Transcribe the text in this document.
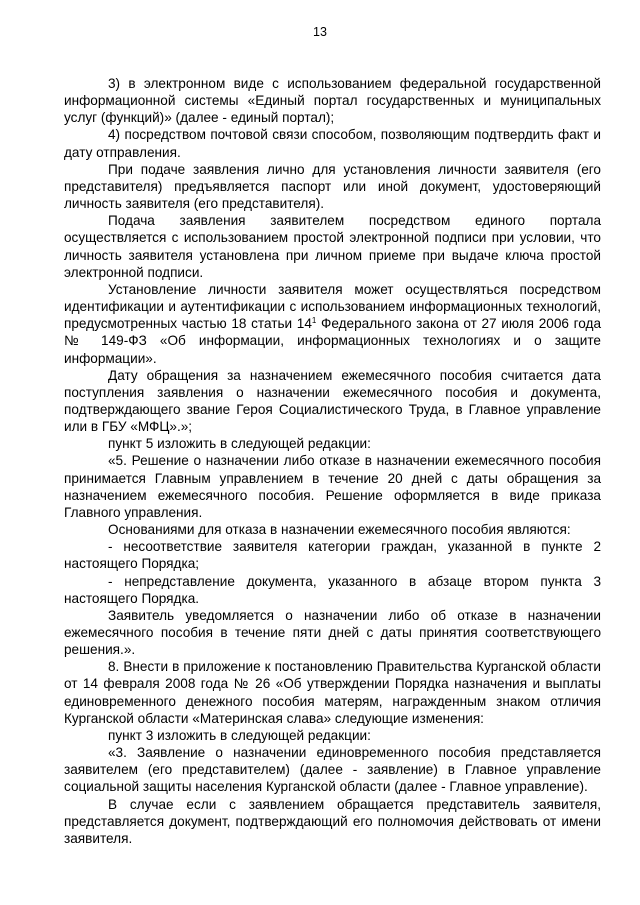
13

3) в электронном виде с использованием федеральной государственной информационной системы «Единый портал государственных и муниципальных услуг (функций)» (далее - единый портал);

4) посредством почтовой связи способом, позволяющим подтвердить факт и дату отправления.

При подаче заявления лично для установления личности заявителя (его представителя) предъявляется паспорт или иной документ, удостоверяющий личность заявителя (его представителя).

Подача заявления заявителем посредством единого портала осуществляется с использованием простой электронной подписи при условии, что личность заявителя установлена при личном приеме при выдаче ключа простой электронной подписи.

Установление личности заявителя может осуществляться посредством идентификации и аутентификации с использованием информационных технологий, предусмотренных частью 18 статьи $14^1$ Федерального закона от 27 июля 2006 года № 149-ФЗ «Об информации, информационных технологиях и о защите информации».

Дату обращения за назначением ежемесячного пособия считается дата поступления заявления о назначении ежемесячного пособия и документа, подтверждающего звание Героя Социалистического Труда, в Главное управление или в ГБУ «МФЦ».»;

пункт 5 изложить в следующей редакции:

«5. Решение о назначении либо отказе в назначении ежемесячного пособия принимается Главным управлением в течение 20 дней с даты обращения за назначением ежемесячного пособия. Решение оформляется в виде приказа Главного управления.

Основаниями для отказа в назначении ежемесячного пособия являются:

- несоответствие заявителя категории граждан, указанной в пункте 2 настоящего Порядка;

- непредставление документа, указанного в абзаце втором пункта 3 настоящего Порядка.

Заявитель уведомляется о назначении либо об отказе в назначении ежемесячного пособия в течение пяти дней с даты принятия соответствующего решения.».

8. Внести в приложение к постановлению Правительства Курганской области от 14 февраля 2008 года № 26 «Об утверждении Порядка назначения и выплаты единовременного денежного пособия матерям, награжденным знаком отличия Курганской области «Материнская слава» следующие изменения:

пункт 3 изложить в следующей редакции:

«3. Заявление о назначении единовременного пособия представляется заявителем (его представителем) (далее - заявление) в Главное управление социальной защиты населения Курганской области (далее - Главное управление).

В случае если с заявлением обращается представитель заявителя, представляется документ, подтверждающий его полномочия действовать от имени заявителя.
